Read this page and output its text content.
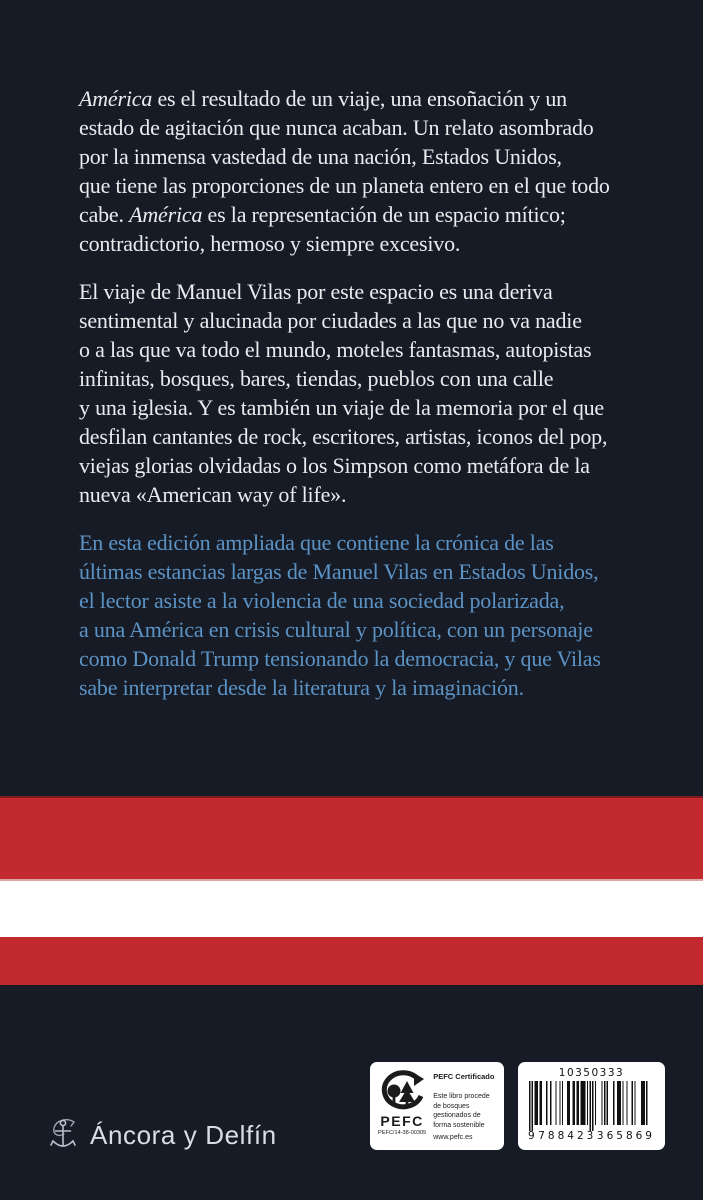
América es el resultado de un viaje, una ensoñación y un
estado de agitación que nunca acaban. Un relato asombrado
por la inmensa vastedad de una nación, Estados Unidos,
que tiene las proporciones de un planeta entero en el que todo
cabe. América es la representación de un espacio mítico;
contradictorio, hermoso y siempre excesivo.
El viaje de Manuel Vilas por este espacio es una deriva
sentimental y alucinada por ciudades a las que no va nadie
o a las que va todo el mundo, moteles fantasmas, autopistas
infinitas, bosques, bares, tiendas, pueblos con una calle
y una iglesia. Y es también un viaje de la memoria por el que
desfilan cantantes de rock, escritores, artistas, iconos del pop,
viejas glorias olvidadas o los Simpson como metáfora de la
nueva «American way of life».
En esta edición ampliada que contiene la crónica de las
últimas estancias largas de Manuel Vilas en Estados Unidos,
el lector asiste a la violencia de una sociedad polarizada,
a una América en crisis cultural y política, con un personaje
como Donald Trump tensionando la democracia, y que Vilas
sabe interpretar desde la literatura y la imaginación.
Áncora y Delfín	PEFC
PEFC/14-38-00305
PEFC Certificado
Este libro procede de bosques gestionados de forma sostenible
www.pefc.es
10350333
9 788423 365869
